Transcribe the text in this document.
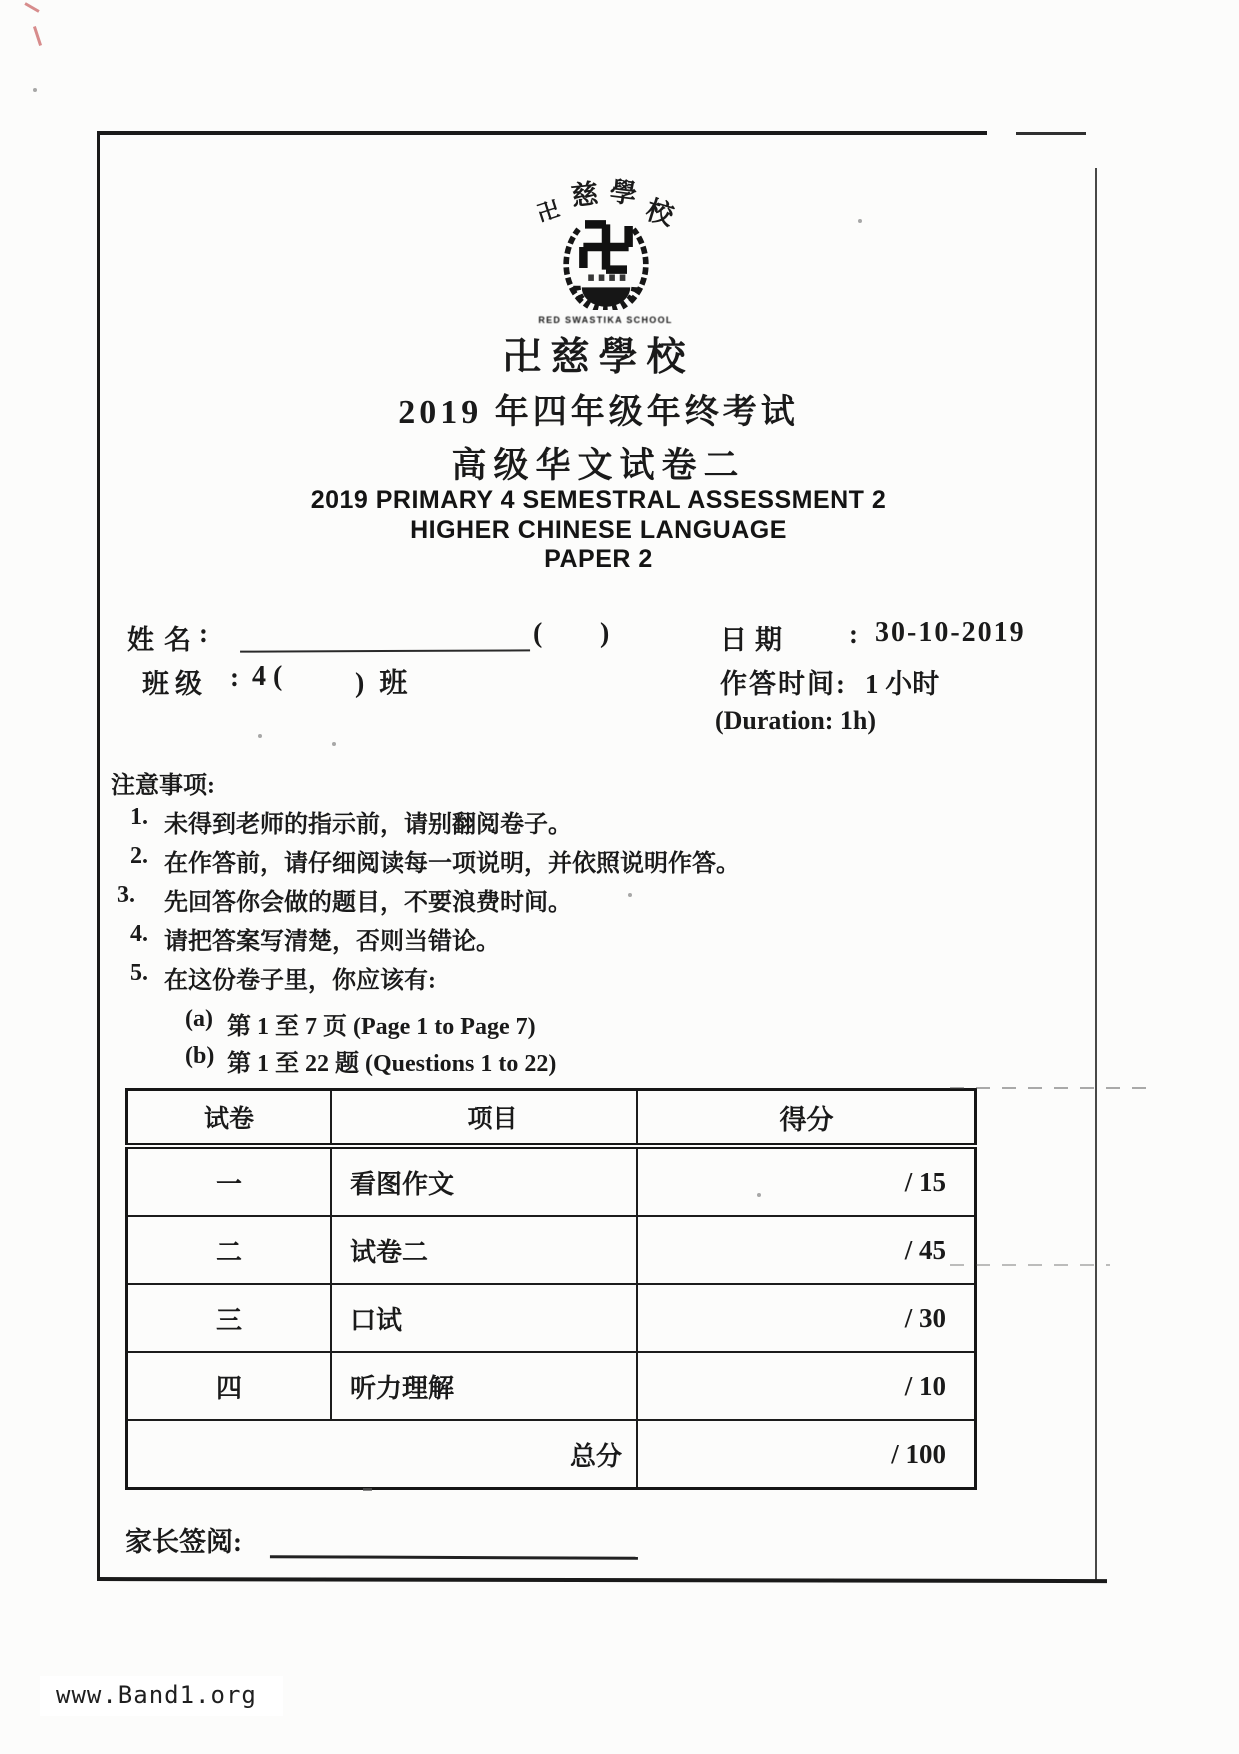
卍
慈 學
校
RED SWASTIKA SCHOOL
卍慈學校
2019 年四年级年终考试
高级华文试卷二
2019 PRIMARY 4 SEMESTRAL ASSESSMENT 2
HIGHER CHINESE LANGUAGE
PAPER 2
姓名
:	( )	日期 : 30-10-2019
班级 : 4 (	) 班	作答时间: 1 小时
(Duration: 1h)
注意事项:
1. 未得到老师的指示前，请别翻阅卷子。
2. 在作答前，请仔细阅读每一项说明，并依照说明作答。
3.	先回答你会做的题目，不要浪费时间。
4. 请把答案写清楚，否则当错论。
5. 在这份卷子里，你应该有:
(a) 第 1 至 7 页 (Page 1 to Page 7)
(b) 第 1 至 22 题 (Questions 1 to 22)
试卷	项目	得分
一	看图作文	/ 15
二	试卷二	/ 45
三	口试	/ 30
四	听力理解	/ 10
总分		/ 100
家长签阅:
www.Band1.org
